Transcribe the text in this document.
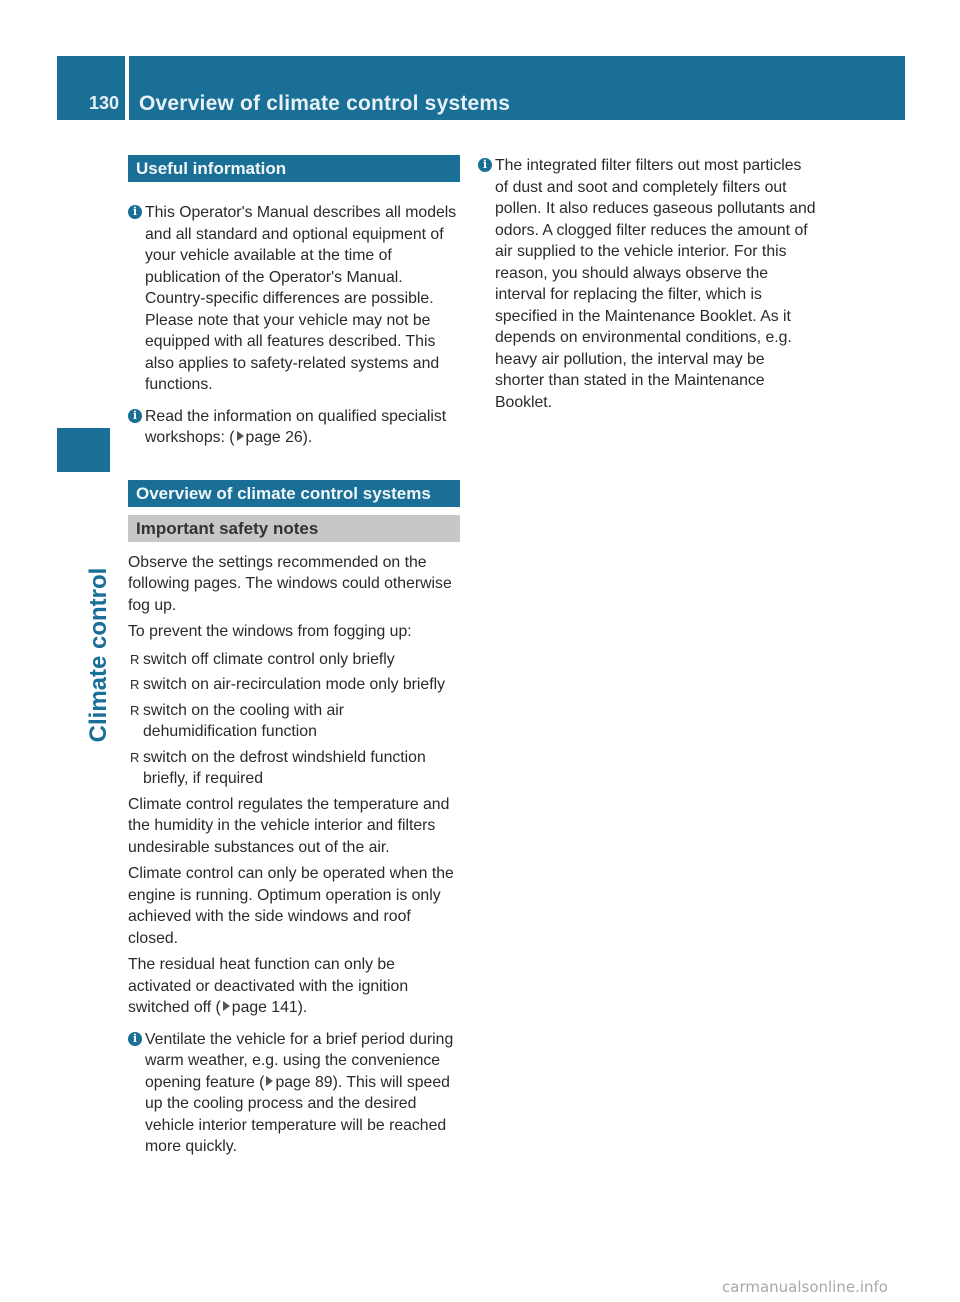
130 Overview of climate control systems
Climate control
Useful information
i This Operator's Manual describes all models and all standard and optional equipment of your vehicle available at the time of publication of the Operator's Manual. Country-specific differences are possible. Please note that your vehicle may not be equipped with all features described. This also applies to safety-related systems and functions.
i Read the information on qualified specialist workshops: ( page 26).
Overview of climate control systems
Important safety notes

Observe the settings recommended on the following pages. The windows could otherwise fog up.

To prevent the windows from fogging up:

R switch off climate control only briefly
R switch on air-recirculation mode only briefly
R switch on the cooling with air dehumidification function
R switch on the defrost windshield function briefly, if required

Climate control regulates the temperature and the humidity in the vehicle interior and filters undesirable substances out of the air.

Climate control can only be operated when the engine is running. Optimum operation is only achieved with the side windows and roof closed.

The residual heat function can only be activated or deactivated with the ignition switched off ( page 141).

i Ventilate the vehicle for a brief period during warm weather, e.g. using the convenience opening feature ( page 89). This will speed up the cooling process and the desired vehicle interior temperature will be reached more quickly.
i The integrated filter filters out most particles of dust and soot and completely filters out pollen. It also reduces gaseous pollutants and odors. A clogged filter reduces the amount of air supplied to the vehicle interior. For this reason, you should always observe the interval for replacing the filter, which is specified in the Maintenance Booklet. As it depends on environmental conditions, e.g. heavy air pollution, the interval may be shorter than stated in the Maintenance Booklet.
carmanualsonline.info
